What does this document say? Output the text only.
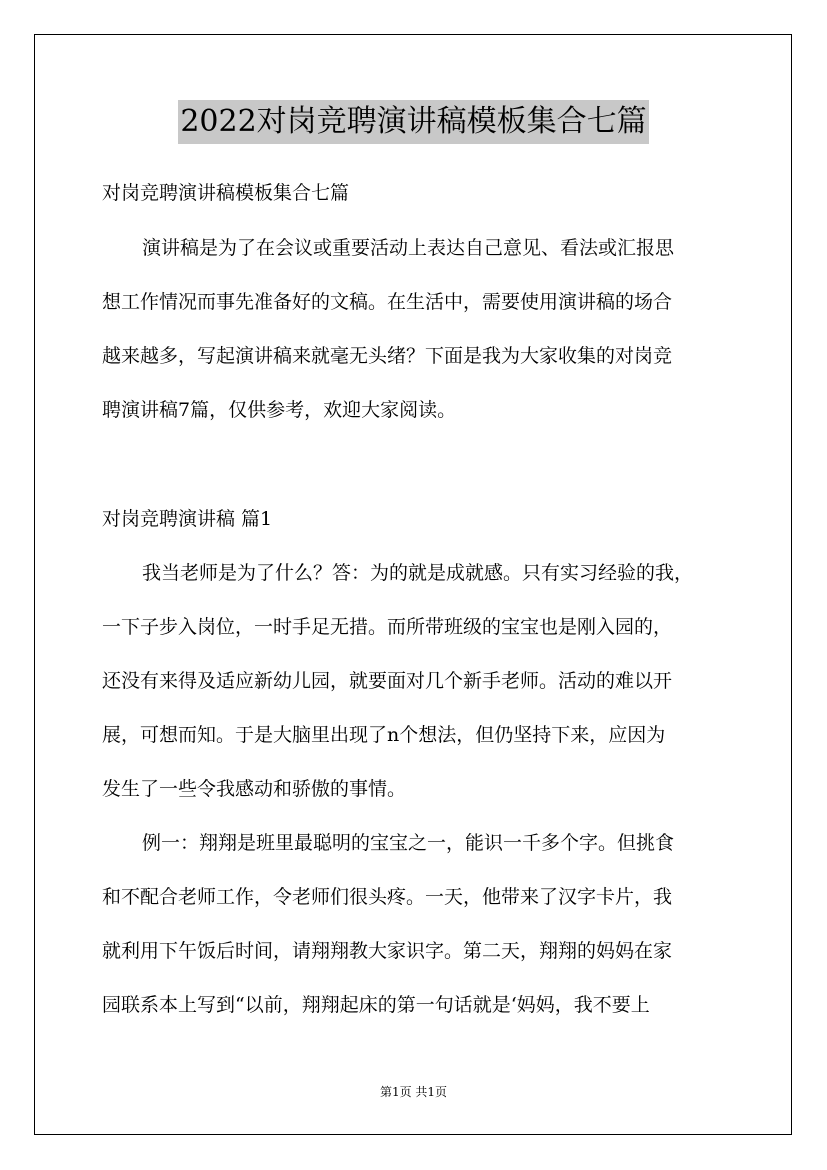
2022对岗竞聘演讲稿模板集合七篇
对岗竞聘演讲稿模板集合七篇
演讲稿是为了在会议或重要活动上表达自己意见、看法或汇报思
想工作情况而事先准备好的文稿。在生活中，需要使用演讲稿的场合
越来越多，写起演讲稿来就毫无头绪？下面是我为大家收集的对岗竞
聘演讲稿7篇，仅供参考，欢迎大家阅读。
对岗竞聘演讲稿 篇1
我当老师是为了什么？答：为的就是成就感。只有实习经验的我，
一下子步入岗位，一时手足无措。而所带班级的宝宝也是刚入园的，
还没有来得及适应新幼儿园，就要面对几个新手老师。活动的难以开
展，可想而知。于是大脑里出现了n个想法，但仍坚持下来，应因为
发生了一些令我感动和骄傲的事情。
例一：翔翔是班里最聪明的宝宝之一，能识一千多个字。但挑食
和不配合老师工作，令老师们很头疼。一天，他带来了汉字卡片，我
就利用下午饭后时间，请翔翔教大家识字。第二天，翔翔的妈妈在家
园联系本上写到“以前，翔翔起床的第一句话就是‘妈妈，我不要上
第1页 共1页
